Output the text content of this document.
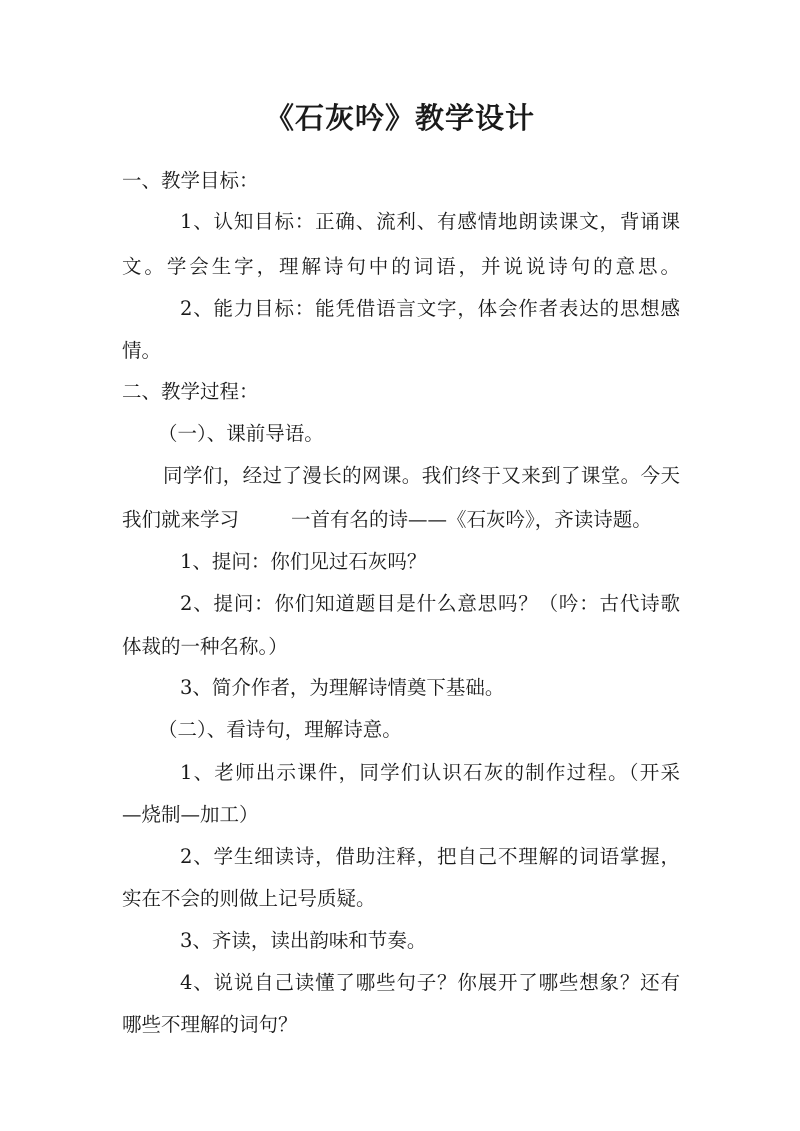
《石灰吟》教学设计

一、教学目标：

1、认知目标：正确、流利、有感情地朗读课文，背诵课

文。学会生字，理解诗句中的词语，并说说诗句的意思。

2、能力目标：能凭借语言文字，体会作者表达的思想感

情。

二、教学过程：

（一）、课前导语。

同学们，经过了漫长的网课。我们终于又来到了课堂。今天

我们就来学习	一首有名的诗——《石灰吟》，齐读诗题。

1、提问：你们见过石灰吗？

2、提问：你们知道题目是什么意思吗？（吟：古代诗歌

体裁的一种名称。）

3、简介作者，为理解诗情奠下基础。

（二）、看诗句，理解诗意。

1、老师出示课件，同学们认识石灰的制作过程。（开采

—烧制—加工）

2、学生细读诗，借助注释，把自己不理解的词语掌握，

实在不会的则做上记号质疑。

3、齐读，读出韵味和节奏。

4、说说自己读懂了哪些句子？你展开了哪些想象？还有

哪些不理解的词句？
